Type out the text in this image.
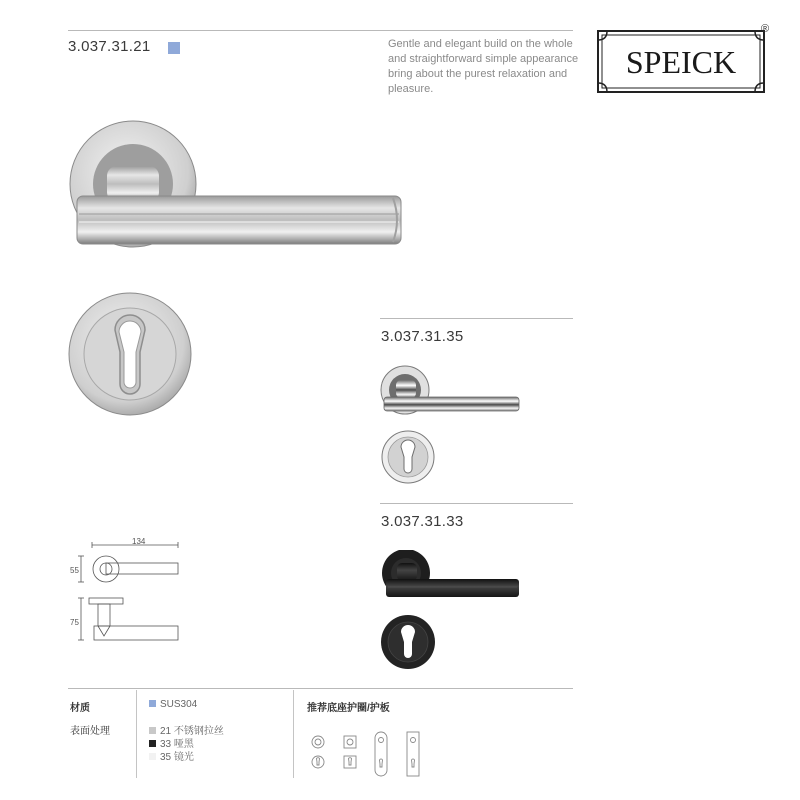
3.037.31.21	Gentle and elegant build on the whole
and straightforward simple appearance
bring about the purest relaxation and
pleasure.
SPEICK
®
3.037.31.35
3.037.31.33
134
55
75
材质
表面处理
SUS304
21 不锈钢拉丝
33 哑黑
35 镜光
推荐底座护圈/护板
